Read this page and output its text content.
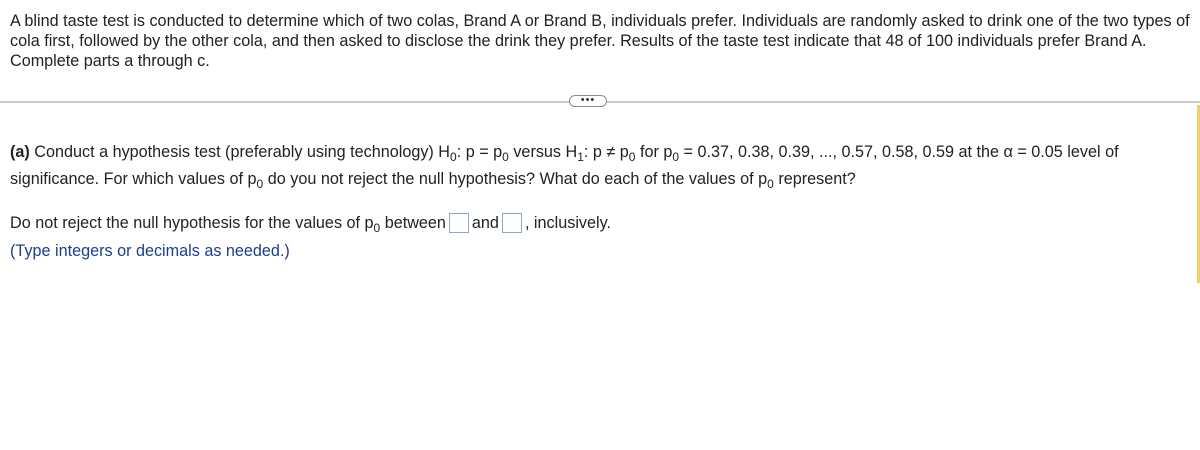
A blind taste test is conducted to determine which of two colas, Brand A or Brand B, individuals prefer. Individuals are randomly asked to drink one of the two types of
cola first, followed by the other cola, and then asked to disclose the drink they prefer. Results of the taste test indicate that 48 of 100 individuals prefer Brand A.
Complete parts a through c.
•••
(a) Conduct a hypothesis test (preferably using technology) $H_0$: $p = p_0$ versus $H_1$: $p \ne p_0$ for $p_0 = 0.37$, 0.38, 0.39, ..., 0.57, 0.58, 0.59 at the α = 0.05 level of
significance. For which values of $p_0$ do you not reject the null hypothesis? What do each of the values of $p_0$ represent?
Do not reject the null hypothesis for the values of $p_0$ between and , inclusively.
(Type integers or decimals as needed.)
